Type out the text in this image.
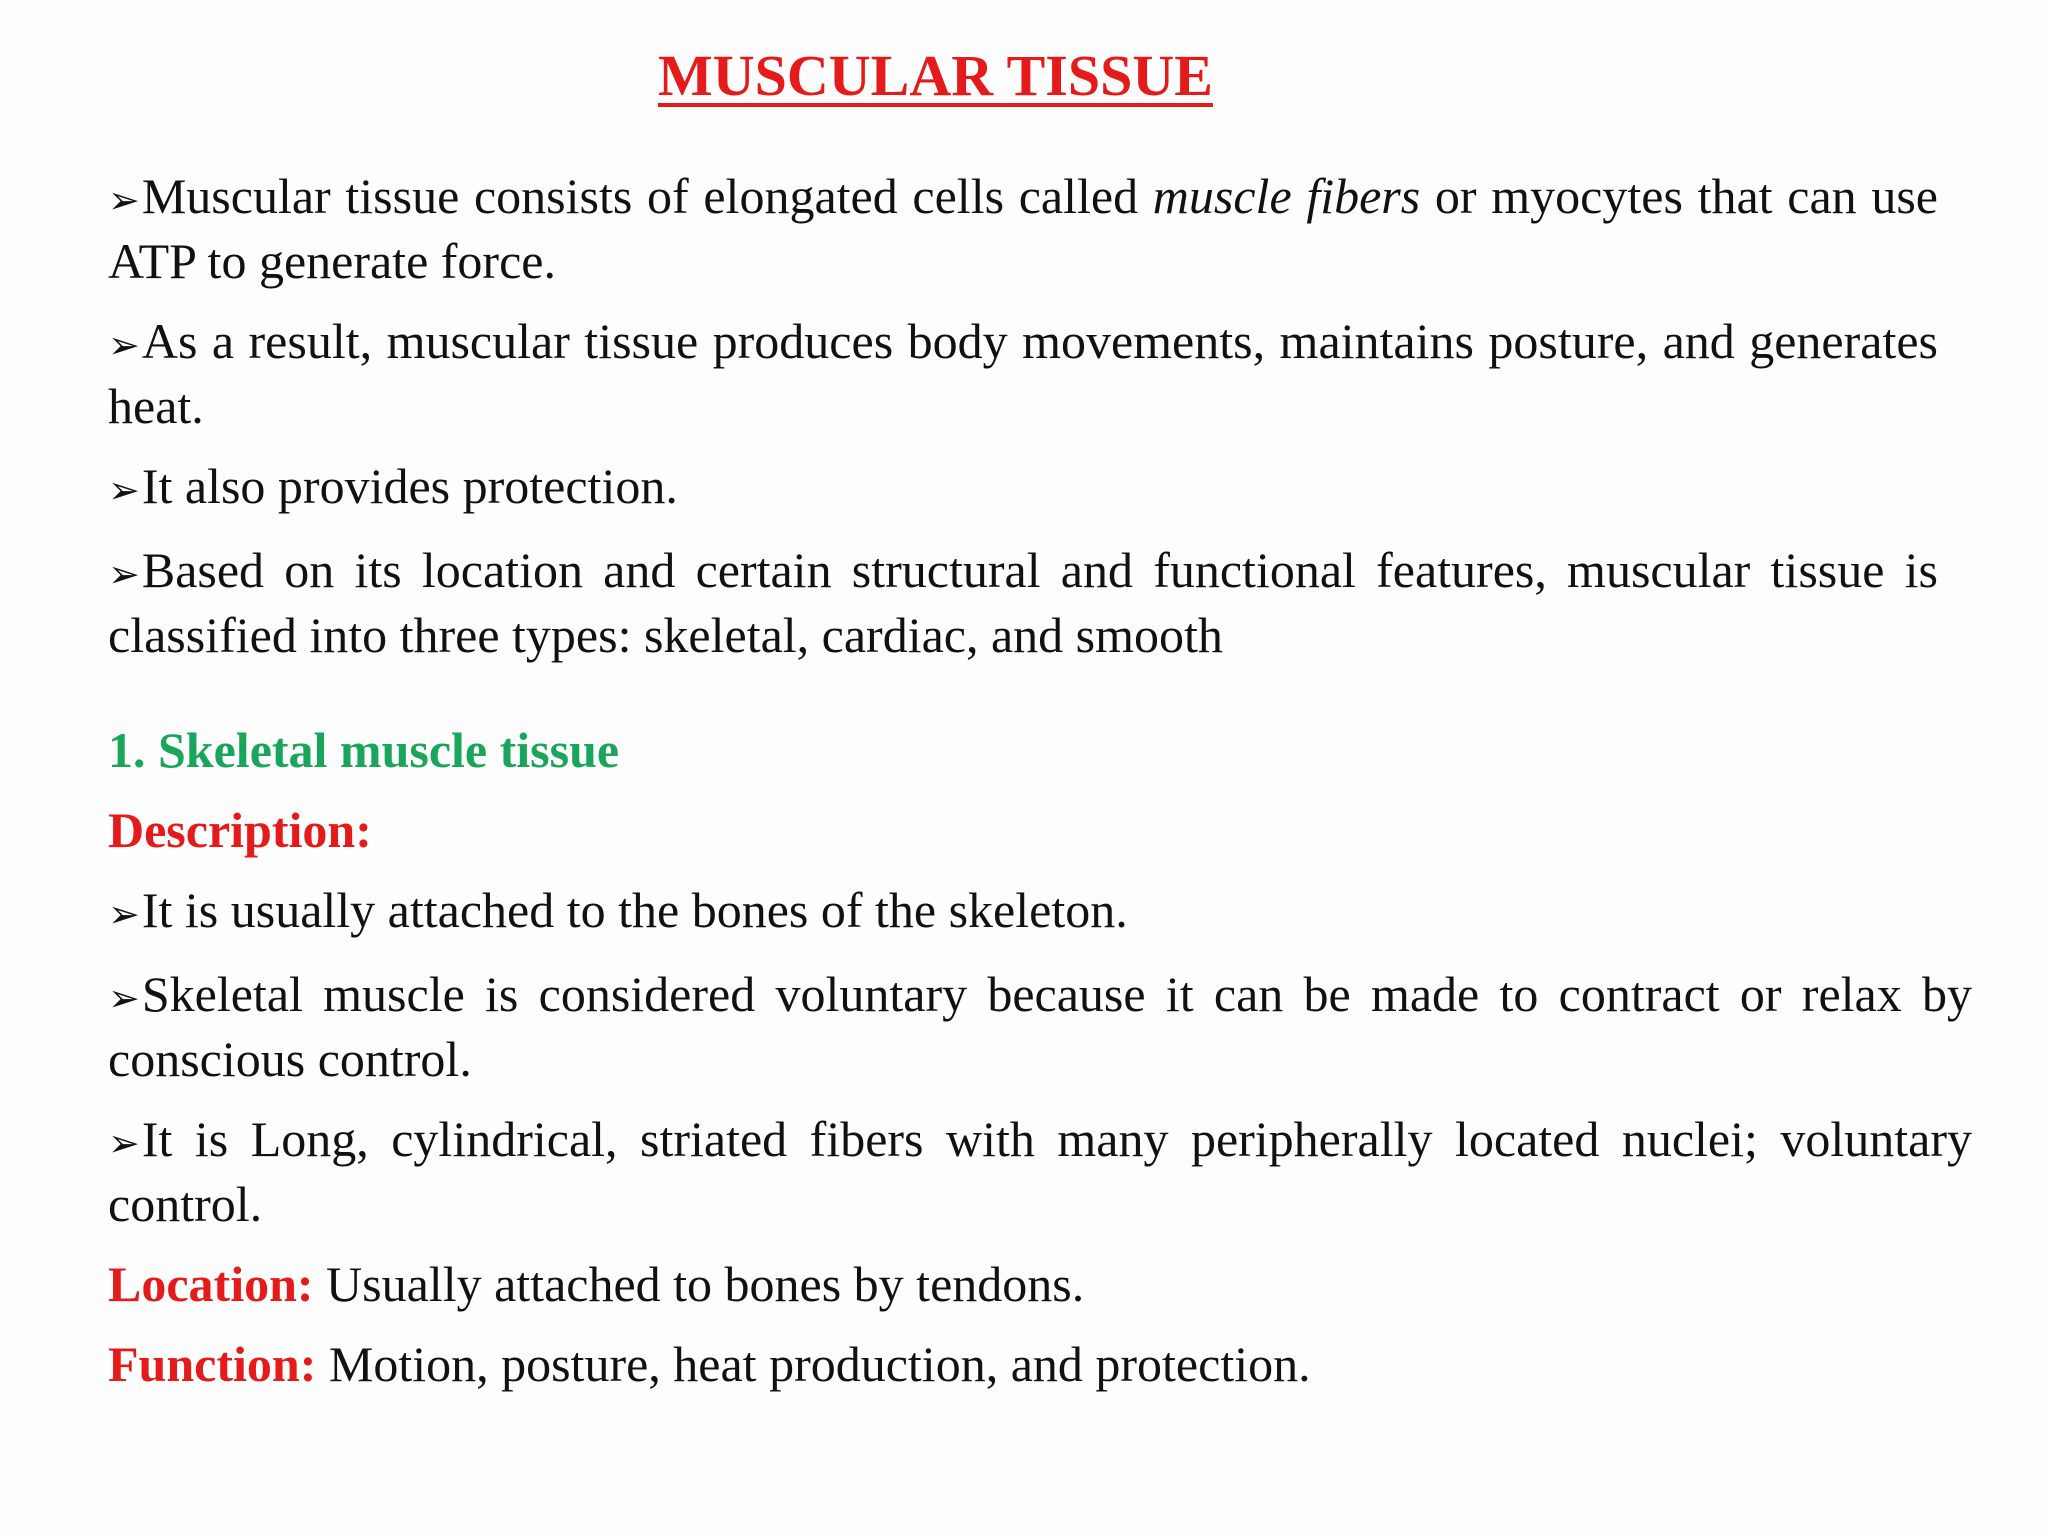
MUSCULAR TISSUE

➢Muscular tissue consists of elongated cells called muscle fibers or myocytes that can use ATP to generate force.

➢As a result, muscular tissue produces body movements, maintains posture, and generates heat.

➢It also provides protection.

➢Based on its location and certain structural and functional features, muscular tissue is classified into three types: skeletal, cardiac, and smooth

1. Skeletal muscle tissue

Description:

➢It is usually attached to the bones of the skeleton.

➢Skeletal muscle is considered voluntary because it can be made to contract or relax by conscious control.

➢It is Long, cylindrical, striated fibers with many peripherally located nuclei; voluntary control.

Location: Usually attached to bones by tendons.

Function: Motion, posture, heat production, and protection.
